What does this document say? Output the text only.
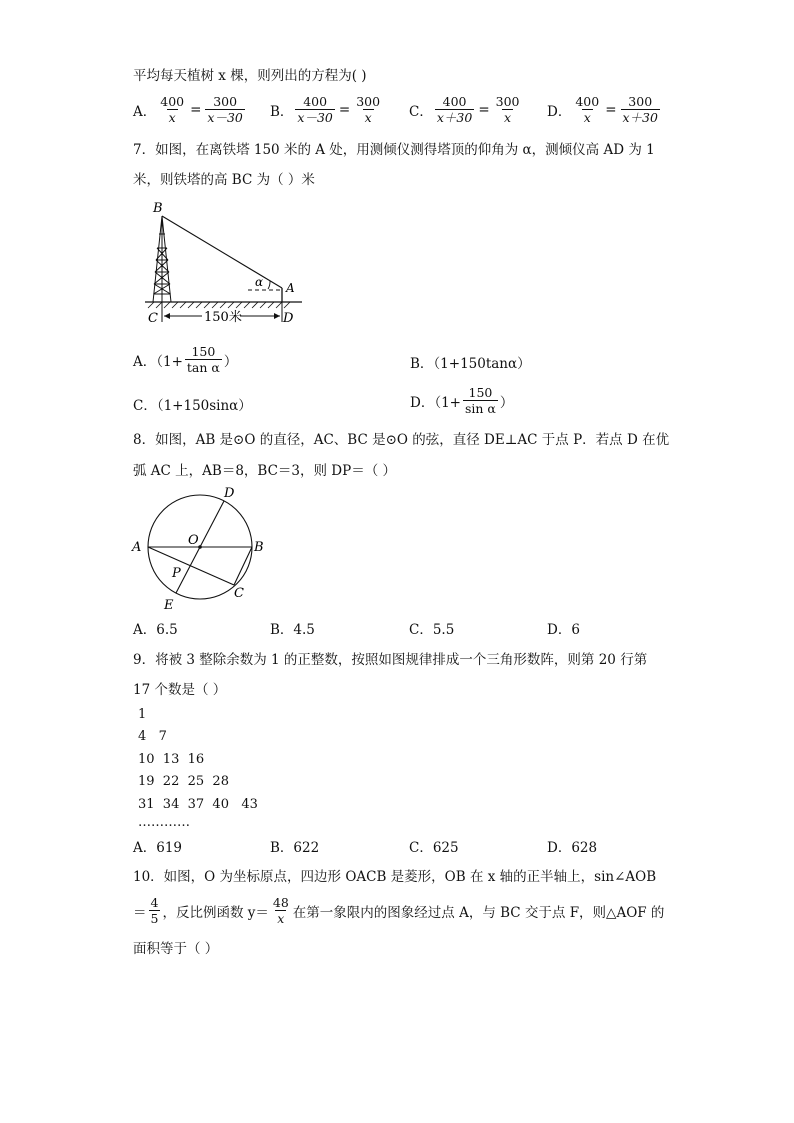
平均每天植树 x 棵，则列出的方程为( )
A． $\frac{400}{x} = \frac{300}{x-30}$ B． $\frac{400}{x-30} = \frac{300}{x}$ C． $\frac{400}{x+30} = \frac{300}{x}$ D． $\frac{400}{x} = \frac{300}{x+30}$
7．如图，在离铁塔 150 米的 A 处，用测倾仪测得塔顶的仰角为 α，测倾仪高 AD 为 1
米，则铁塔的高 BC 为（ ）米
B
C	D
A
α
150米
A．（$1+ \frac{150}{\text{tan α}}$ ）	B．（1+150tanα）
C．（1+150sinα）	D．（$1+ \frac{150}{\text{sin α}}$ ）
8．如图，AB 是⊙O 的直径，AC、BC 是⊙O 的弦，直径 DE⊥AC 于点 P．若点 D 在优
弧 AC 上，AB＝8，BC＝3，则 DP＝（ ）
D
A	O	B
P
E
C
A．6.5	B．4.5	C．5.5	D．6
9．将被 3 整除余数为 1 的正整数，按照如图规律排成一个三角形数阵，则第 20 行第
17 个数是（ ）
1
4   7
10  13  16
19  22  25  28
31  34  37  40   43
…………
A．619	B．622	C．625	D．628
10．如图，O 为坐标原点，四边形 OACB 是菱形，OB 在 x 轴的正半轴上，sin∠AOB
＝ $\frac{4}{5}$ ，反比例函数 $y= \frac{48}{x}$ 在第一象限内的图象经过点 A，与 BC 交于点 F，则△AOF 的
面积等于（ ）
